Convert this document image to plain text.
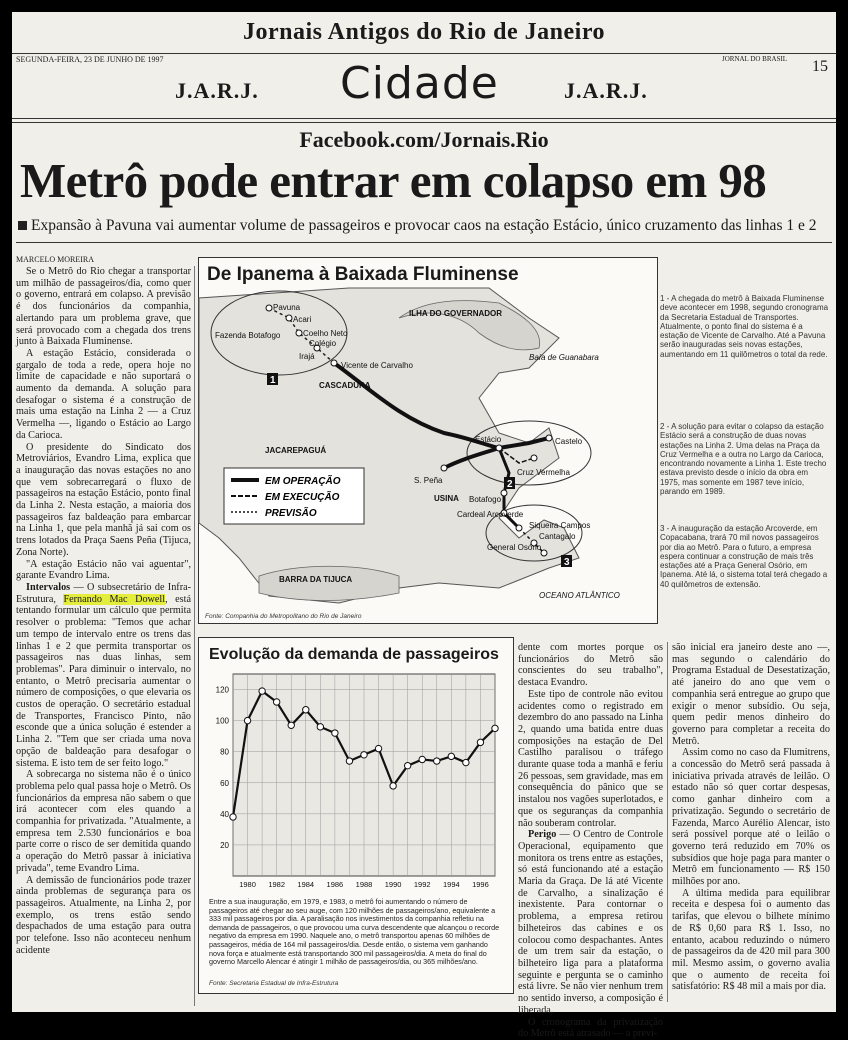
Jornais Antigos do Rio de Janeiro
SEGUNDA-FEIRA, 23 DE JUNHO DE 1997	JORNAL DO BRASIL 15
J.A.R.J. Cidade	J.A.R.J.
Facebook.com/Jornais.Rio
Metrô pode entrar em colapso em 98
Expansão à Pavuna vai aumentar volume de passageiros e provocar caos na estação Estácio, único cruzamento das linhas 1 e 2
MARCELO MOREIRA

Se o Metrô do Rio chegar a transportar um milhão de passageiros/dia, como quer o governo, entrará em colapso. A previsão é dos funcionários da companhia, alertando para um problema grave, que será provocado com a chegada dos trens junto à Baixada Fluminense.

A estação Estácio, considerada o gargalo de toda a rede, opera hoje no limite de capacidade e não suportará o aumento da demanda. A solução para desafogar o sistema é a construção de mais uma estação na Linha 2 — a Cruz Vermelha —, ligando o Estácio ao Largo da Carioca.

O presidente do Sindicato dos Metroviários, Evandro Lima, explica que a inauguração das novas estações no ano que vem sobrecarregará o fluxo de passageiros na estação Estácio, ponto final da Linha 2. Nesta estação, a maioria dos passageiros faz baldeação para embarcar na Linha 1, que pela manhã já sai com os trens lotados da Praça Saens Peña (Tijuca, Zona Norte).

"A estação Estácio não vai aguentar", garante Evandro Lima.

Intervalos — O subsecretário de Infra-Estrutura, Fernando Mac Dowell, está tentando formular um cálculo que permita resolver o problema: "Temos que achar um tempo de intervalo entre os trens das linhas 1 e 2 que permita transportar os passageiros nas duas linhas, sem problemas". Para diminuir o intervalo, no entanto, o Metrô precisaria aumentar o número de composições, o que elevaria os custos de operação. O secretário estadual de Transportes, Francisco Pinto, não esconde que a única solução é estender a Linha 2. "Tem que ser criada uma nova opção de baldeação para desafogar o sistema. E isto tem de ser feito logo."

A sobrecarga no sistema não é o único problema pelo qual passa hoje o Metrô. Os funcionários da empresa não sabem o que irá acontecer com eles quando a companhia for privatizada. "Atualmente, a empresa tem 2.530 funcionários e boa parte corre o risco de ser demitida quando a operação do Metrô passar à iniciativa privada", teme Evandro Lima.

A demissão de funcionários pode trazer ainda problemas de segurança para os passageiros. Atualmente, na Linha 2, por exemplo, os trens estão sendo despachados de uma estação para outra por telefone. Isso não aconteceu nenhum acidente

De Ipanema à Baixada Fluminense
Pavuna
Acari
Fazenda Botafogo	Coelho Neto
Colégio
Irajá
Vicente de Carvalho
Estácio	Castelo
Cruz Vermelha
S. Peña
Botafogo
Cardeal Arcoverde
Siqueira Campos
Cantagalo
General Osório
ILHA DO GOVERNADOR
Baía de Guanabara
CASCADURA
JACAREPAGUÁ
USINA
BARRA DA TIJUCA
OCEANO ATLÂNTICO
1
2
3
EM OPERAÇÃO
EM EXECUÇÃO
PREVISÃO
Fonte: Companhia do Metropolitano do Rio de Janeiro
1 - A chegada do metrô à Baixada Fluminense deve acontecer em 1998, segundo cronograma da Secretaria Estadual de Transportes. Atualmente, o ponto final do sistema é a estação de Vicente de Carvalho. Até a Pavuna serão inauguradas seis novas estações, aumentando em 11 quilômetros o total da rede.
2 - A solução para evitar o colapso da estação Estácio será a construção de duas novas estações na Linha 2. Uma delas na Praça da Cruz Vermelha e a outra no Largo da Carioca, encontrando novamente a Linha 1. Este trecho estava previsto desde o início da obra em 1975, mas somente em 1987 teve início, parando em 1989.
3 - A inauguração da estação Arcoverde, em Copacabana, trará 70 mil novos passageiros por dia ao Metrô. Para o futuro, a empresa espera continuar a construção de mais três estações até a Praça General Osório, em Ipanema. Até lá, o sistema total terá chegado a 40 quilômetros de extensão.
Evolução da demanda de passageiros
20
40
60
80
100
120
1980 1982 1984 1986 1988 1990 1992 1994 1996
Entre a sua inauguração, em 1979, e 1983, o metrô foi aumentando o número de passageiros até chegar ao seu auge, com 120 milhões de passageiros/ano, equivalente a 333 mil passageiros por dia. A paralisação nos investimentos da companhia refletiu na demanda de passageiros, o que provocou uma curva descendente que alcançou o recorde negativo da empresa em 1990. Naquele ano, o metrô transportou apenas 60 milhões de passageiros, média de 164 mil passageiros/dia. Desde então, o sistema vem ganhando nova força e atualmente está transportando 300 mil passageiros/dia. A meta do final do governo Marcello Alencar é atingir 1 milhão de passageiros/dia, ou 365 milhões/ano.
Fonte: Secretaria Estadual de Infra-Estrutura

dente com mortes porque os funcionários do Metrô são conscientes do seu trabalho", destaca Evandro.

Este tipo de controle não evitou acidentes como o registrado em dezembro do ano passado na Linha 2, quando uma batida entre duas composições na estação de Del Castilho paralisou o tráfego durante quase toda a manhã e feriu 26 pessoas, sem gravidade, mas em consequência do pânico que se instalou nos vagões superlotados, e que os seguranças da companhia não souberam controlar.

Perigo — O Centro de Controle Operacional, equipamento que monitora os trens entre as estações, só está funcionando até a estação Maria da Graça. De lá até Vicente de Carvalho, a sinalização é inexistente. Para contornar o problema, a empresa retirou bilheteiros das cabines e os colocou como despachantes. Antes de um trem sair da estação, o bilheteiro liga para a plataforma seguinte e pergunta se o caminho está livre. Se não vier nenhum trem no sentido inverso, a composição é liberada.

O cronograma da privatização do Metrô está atrasado — a previ-

são inicial era janeiro deste ano —, mas segundo o calendário do Programa Estadual de Desestatização, até janeiro do ano que vem o companhia será entregue ao grupo que exigir o menor subsídio. Ou seja, quem pedir menos dinheiro do governo para completar a receita do Metrô.

Assim como no caso da Flumitrens, a concessão do Metrô será passada à iniciativa privada através de leilão. O estado não só quer cortar despesas, como ganhar dinheiro com a privatização. Segundo o secretário de Fazenda, Marco Aurélio Alencar, isto será possível porque até o leilão o governo terá reduzido em 70% os subsídios que hoje paga para manter o Metrô em funcionamento — R$ 150 milhões por ano.

A última medida para equilibrar receita e despesa foi o aumento das tarifas, que elevou o bilhete mínimo de R$ 0,60 para R$ 1. Isso, no entanto, acabou reduzindo o número de passageiros da de 420 mil para 300 mil. Mesmo assim, o governo avalia que o aumento de receita foi satisfatório: R$ 48 mil a mais por dia.
